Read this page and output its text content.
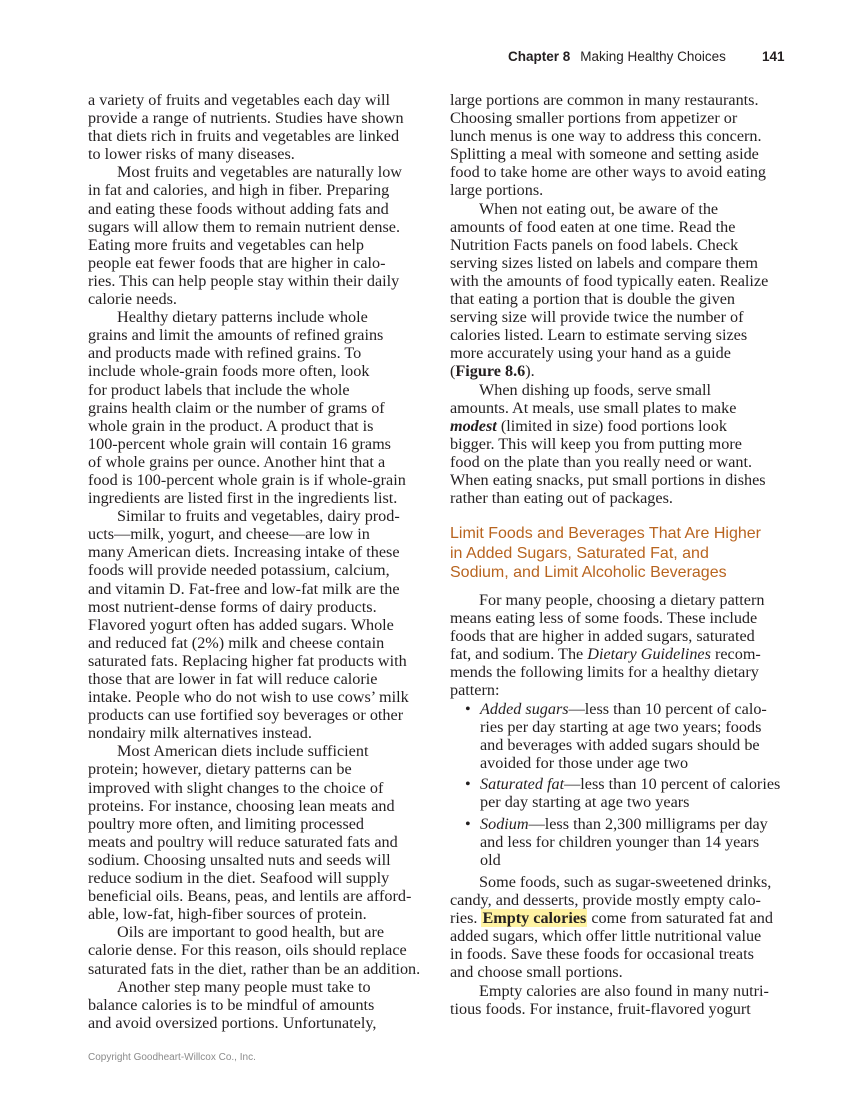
Chapter 8 Making Healthy Choices	141
a variety of fruits and vegetables each day will
provide a range of nutrients. Studies have shown
that diets rich in fruits and vegetables are linked
to lower risks of many diseases.
Most fruits and vegetables are naturally low
in fat and calories, and high in fiber. Preparing
and eating these foods without adding fats and
sugars will allow them to remain nutrient dense.
Eating more fruits and vegetables can help
people eat fewer foods that are higher in calo-
ries. This can help people stay within their daily
calorie needs.
Healthy dietary patterns include whole
grains and limit the amounts of refined grains
and products made with refined grains. To
include whole-grain foods more often, look
for product labels that include the whole
grains health claim or the number of grams of
whole grain in the product. A product that is
100-percent whole grain will contain 16 grams
of whole grains per ounce. Another hint that a
food is 100-percent whole grain is if whole-grain
ingredients are listed first in the ingredients list.
Similar to fruits and vegetables, dairy prod-
ucts—milk, yogurt, and cheese—are low in
many American diets. Increasing intake of these
foods will provide needed potassium, calcium,
and vitamin D. Fat-free and low-fat milk are the
most nutrient-dense forms of dairy products.
Flavored yogurt often has added sugars. Whole
and reduced fat (2%) milk and cheese contain
saturated fats. Replacing higher fat products with
those that are lower in fat will reduce calorie
intake. People who do not wish to use cows’ milk
products can use fortified soy beverages or other
nondairy milk alternatives instead.
Most American diets include sufficient
protein; however, dietary patterns can be
improved with slight changes to the choice of
proteins. For instance, choosing lean meats and
poultry more often, and limiting processed
meats and poultry will reduce saturated fats and
sodium. Choosing unsalted nuts and seeds will
reduce sodium in the diet. Seafood will supply
beneficial oils. Beans, peas, and lentils are afford-
able, low-fat, high-fiber sources of protein.
Oils are important to good health, but are
calorie dense. For this reason, oils should replace
saturated fats in the diet, rather than be an addition.
Another step many people must take to
balance calories is to be mindful of amounts
and avoid oversized portions. Unfortunately,
large portions are common in many restaurants.
Choosing smaller portions from appetizer or
lunch menus is one way to address this concern.
Splitting a meal with someone and setting aside
food to take home are other ways to avoid eating
large portions.
When not eating out, be aware of the
amounts of food eaten at one time. Read the
Nutrition Facts panels on food labels. Check
serving sizes listed on labels and compare them
with the amounts of food typically eaten. Realize
that eating a portion that is double the given
serving size will provide twice the number of
calories listed. Learn to estimate serving sizes
more accurately using your hand as a guide
(Figure 8.6).
When dishing up foods, serve small
amounts. At meals, use small plates to make
modest (limited in size) food portions look
bigger. This will keep you from putting more
food on the plate than you really need or want.
When eating snacks, put small portions in dishes
rather than eating out of packages.
Limit Foods and Beverages That Are Higher
in Added Sugars, Saturated Fat, and
Sodium, and Limit Alcoholic Beverages
For many people, choosing a dietary pattern
means eating less of some foods. These include
foods that are higher in added sugars, saturated
fat, and sodium. The Dietary Guidelines recom-
mends the following limits for a healthy dietary
pattern:
• Added sugars—less than 10 percent of calo-
ries per day starting at age two years; foods
and beverages with added sugars should be
avoided for those under age two
• Saturated fat—less than 10 percent of calories
per day starting at age two years
• Sodium—less than 2,300 milligrams per day
and less for children younger than 14 years
old
Some foods, such as sugar-sweetened drinks,
candy, and desserts, provide mostly empty calo-
ries. Empty calories come from saturated fat and
added sugars, which offer little nutritional value
in foods. Save these foods for occasional treats
and choose small portions.
Empty calories are also found in many nutri-
tious foods. For instance, fruit-flavored yogurt
Copyright Goodheart-Willcox Co., Inc.
